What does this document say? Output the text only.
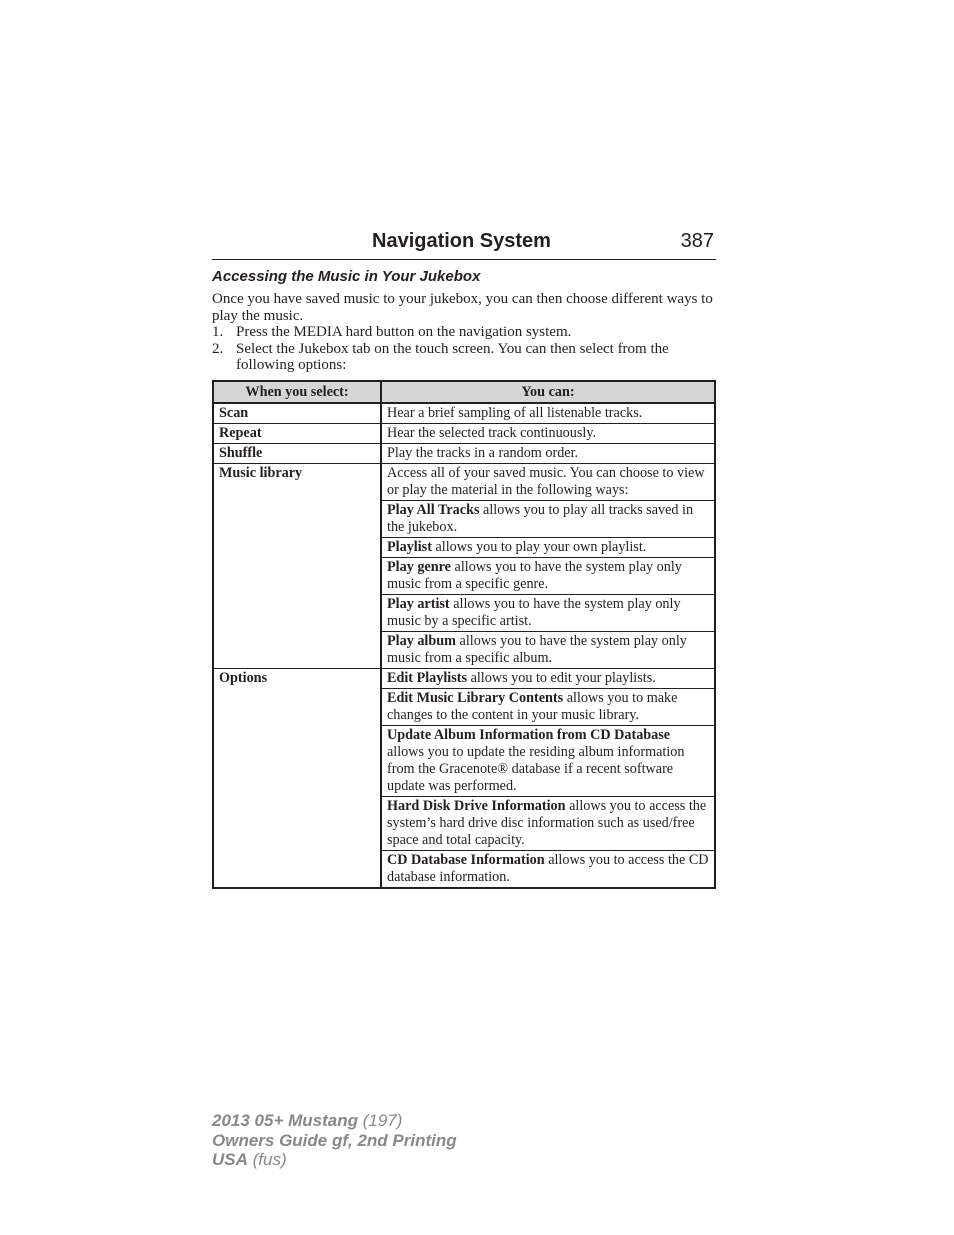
Navigation System	387
Accessing the Music in Your Jukebox

Once you have saved music to your jukebox, you can then choose different ways to play the music.

1. Press the MEDIA hard button on the navigation system.
2. Select the Jukebox tab on the touch screen. You can then select from the following options:
When you select:	You can:
Scan	Hear a brief sampling of all listenable tracks.
Repeat	Hear the selected track continuously.
Shuffle	Play the tracks in a random order.
Music library	Access all of your saved music. You can choose to view or play the material in the following ways:
	Play All Tracks allows you to play all tracks saved in the jukebox.
	Playlist allows you to play your own playlist.
	Play genre allows you to have the system play only music from a specific genre.
	Play artist allows you to have the system play only music by a specific artist.
	Play album allows you to have the system play only music from a specific album.
Options	Edit Playlists allows you to edit your playlists.
	Edit Music Library Contents allows you to make changes to the content in your music library.
	Update Album Information from CD Database allows you to update the residing album information from the Gracenote® database if a recent software update was performed.
	Hard Disk Drive Information allows you to access the system’s hard drive disc information such as used/free space and total capacity.
	CD Database Information allows you to access the CD database information.
2013 05+ Mustang (197)
Owners Guide gf, 2nd Printing
USA (fus)
